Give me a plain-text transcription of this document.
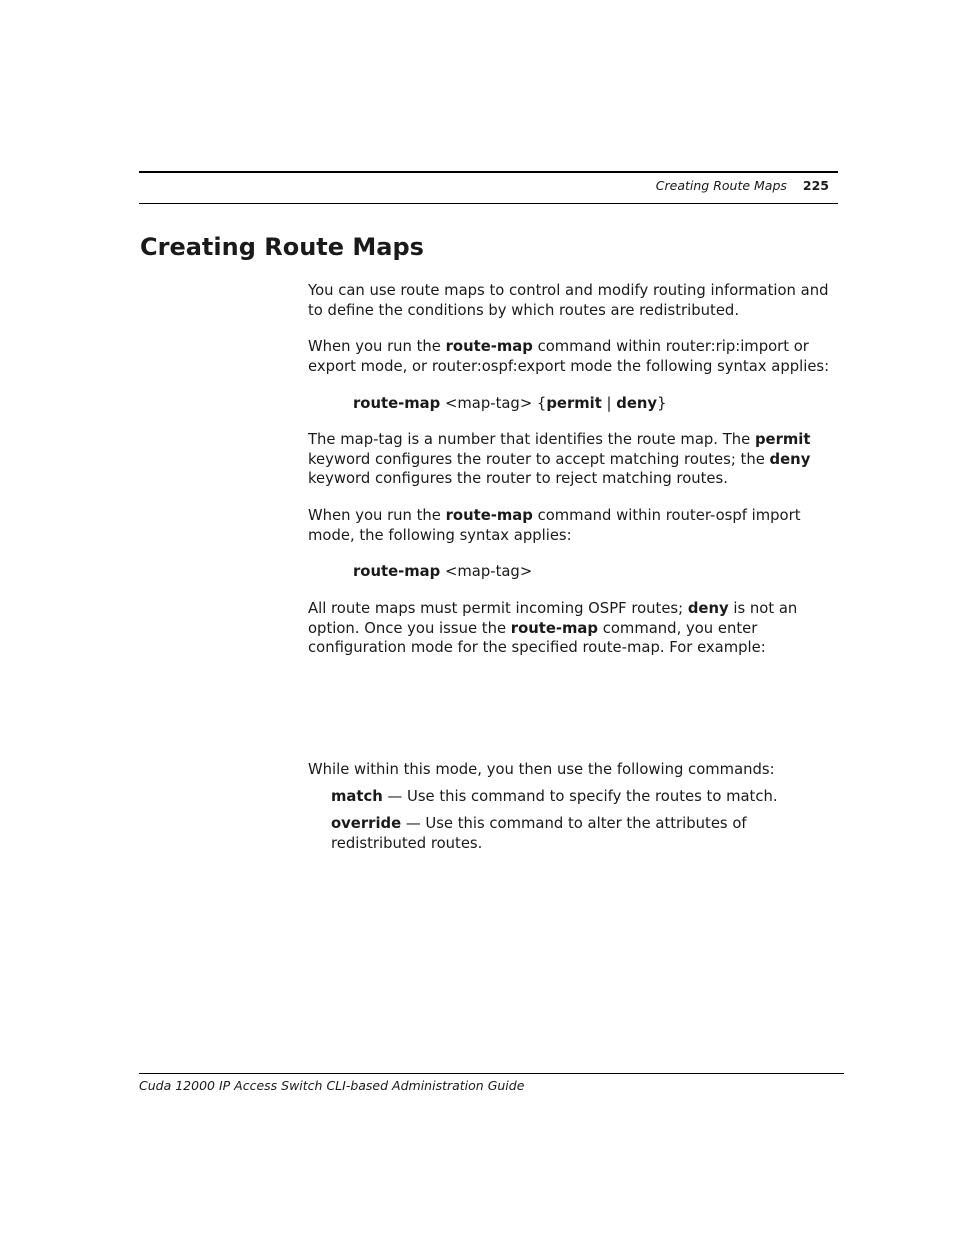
Creating Route Maps 225
Creating Route Maps

You can use route maps to control and modify routing information and to define the conditions by which routes are redistributed.

When you run the route-map command within router:rip:import or export mode, or router:ospf:export mode the following syntax applies:

route-map <map-tag> {permit | deny}

The map-tag is a number that identifies the route map. The permit keyword configures the router to accept matching routes; the deny keyword configures the router to reject matching routes.

When you run the route-map command within router-ospf import mode, the following syntax applies:

route-map <map-tag>

All route maps must permit incoming OSPF routes; deny is not an option. Once you issue the route-map command, you enter configuration mode for the specified route-map. For example:

While within this mode, you then use the following commands:

match — Use this command to specify the routes to match.

override — Use this command to alter the attributes of redistributed routes.

Cuda 12000 IP Access Switch CLI-based Administration Guide
